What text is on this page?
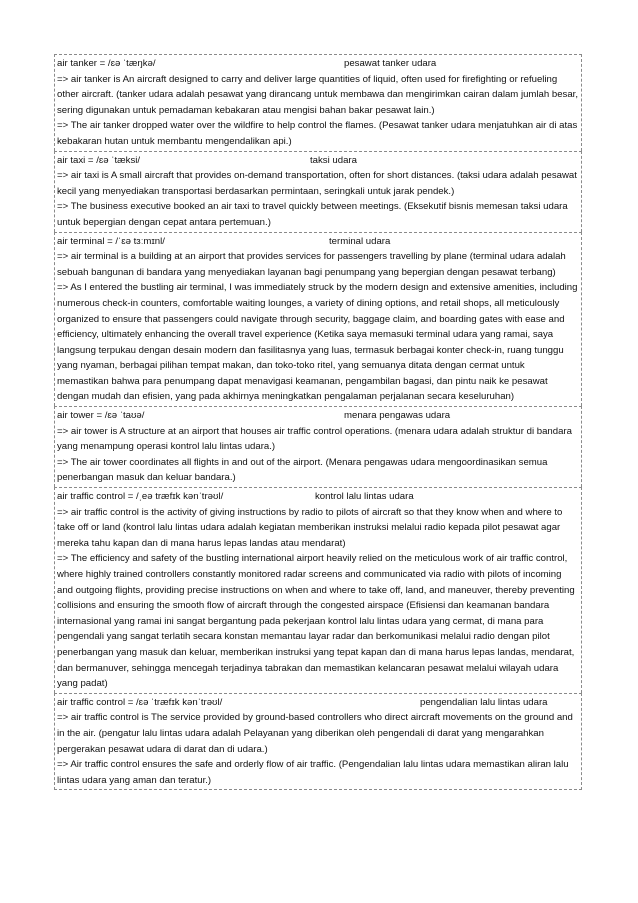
air tanker = /ɛə ˈtæŋkə/	pesawat tanker udara

=> air tanker is An aircraft designed to carry and deliver large quantities of liquid, often used for firefighting or refueling other aircraft. (tanker udara adalah pesawat yang dirancang untuk membawa dan mengirimkan cairan dalam jumlah besar, sering digunakan untuk pemadaman kebakaran atau mengisi bahan bakar pesawat lain.)

=> The air tanker dropped water over the wildfire to help control the flames. (Pesawat tanker udara menjatuhkan air di atas kebakaran hutan untuk membantu mengendalikan api.)

air taxi = /ɛə ˈtæksi/	taksi udara

=> air taxi is A small aircraft that provides on-demand transportation, often for short distances. (taksi udara adalah pesawat kecil yang menyediakan transportasi berdasarkan permintaan, seringkali untuk jarak pendek.)

=> The business executive booked an air taxi to travel quickly between meetings. (Eksekutif bisnis memesan taksi udara untuk bepergian dengan cepat antara pertemuan.)

air terminal = /ˈɛə tɜːmɪnl/	terminal udara

=> air terminal is a building at an airport that provides services for passengers travelling by plane (terminal udara adalah sebuah bangunan di bandara yang menyediakan layanan bagi penumpang yang bepergian dengan pesawat terbang)

=> As I entered the bustling air terminal, I was immediately struck by the modern design and extensive amenities, including numerous check-in counters, comfortable waiting lounges, a variety of dining options, and retail shops, all meticulously organized to ensure that passengers could navigate through security, baggage claim, and boarding gates with ease and efficiency, ultimately enhancing the overall travel experience (Ketika saya memasuki terminal udara yang ramai, saya langsung terpukau dengan desain modern dan fasilitasnya yang luas, termasuk berbagai konter check-in, ruang tunggu yang nyaman, berbagai pilihan tempat makan, dan toko-toko ritel, yang semuanya ditata dengan cermat untuk memastikan bahwa para penumpang dapat menavigasi keamanan, pengambilan bagasi, dan pintu naik ke pesawat dengan mudah dan efisien, yang pada akhirnya meningkatkan pengalaman perjalanan secara keseluruhan)

air tower = /ɛə ˈtaʊə/	menara pengawas udara

=> air tower is A structure at an airport that houses air traffic control operations. (menara udara adalah struktur di bandara yang menampung operasi kontrol lalu lintas udara.)

=> The air tower coordinates all flights in and out of the airport. (Menara pengawas udara mengoordinasikan semua penerbangan masuk dan keluar bandara.)

air traffic control = /ˌeə træfɪk kənˈtrəʊl/	kontrol lalu lintas udara

=> air traffic control is the activity of giving instructions by radio to pilots of aircraft so that they know when and where to take off or land (kontrol lalu lintas udara adalah kegiatan memberikan instruksi melalui radio kepada pilot pesawat agar mereka tahu kapan dan di mana harus lepas landas atau mendarat)

=> The efficiency and safety of the bustling international airport heavily relied on the meticulous work of air traffic control, where highly trained controllers constantly monitored radar screens and communicated via radio with pilots of incoming and outgoing flights, providing precise instructions on when and where to take off, land, and maneuver, thereby preventing collisions and ensuring the smooth flow of aircraft through the congested airspace (Efisiensi dan keamanan bandara internasional yang ramai ini sangat bergantung pada pekerjaan kontrol lalu lintas udara yang cermat, di mana para pengendali yang sangat terlatih secara konstan memantau layar radar dan berkomunikasi melalui radio dengan pilot penerbangan yang masuk dan keluar, memberikan instruksi yang tepat kapan dan di mana harus lepas landas, mendarat, dan bermanuver, sehingga mencegah terjadinya tabrakan dan memastikan kelancaran pesawat melalui wilayah udara yang padat)

air traffic control = /ɛə ˈtræfɪk kənˈtrəʊl/	pengendalian lalu lintas udara

=> air traffic control is The service provided by ground-based controllers who direct aircraft movements on the ground and in the air. (pengatur lalu lintas udara adalah Pelayanan yang diberikan oleh pengendali di darat yang mengarahkan pergerakan pesawat udara di darat dan di udara.)

=> Air traffic control ensures the safe and orderly flow of air traffic. (Pengendalian lalu lintas udara memastikan aliran lalu lintas udara yang aman dan teratur.)
